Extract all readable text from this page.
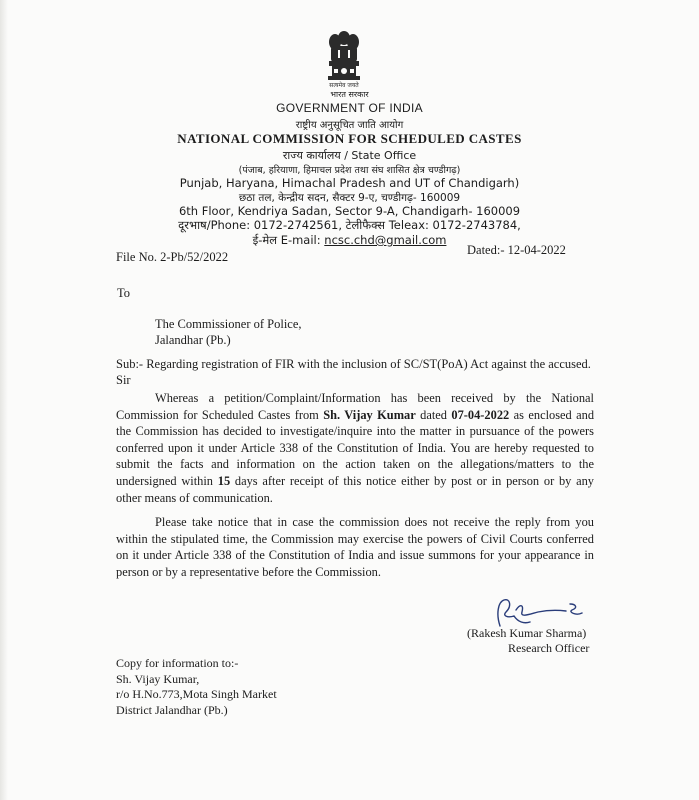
सत्यमेव जयते
भारत सरकार
GOVERNMENT OF INDIA
राष्ट्रीय अनुसूचित जाति आयोग
NATIONAL COMMISSION FOR SCHEDULED CASTES
राज्य कार्यालय / State Office
(पंजाब, हरियाणा, हिमाचल प्रदेश तथा संघ शासित क्षेत्र चण्डीगढ़)
Punjab, Haryana, Himachal Pradesh and UT of Chandigarh)
छठा तल, केन्द्रीय सदन, सैक्टर 9-ए, चण्डीगढ़- 160009
6th Floor, Kendriya Sadan, Sector 9-A, Chandigarh- 160009
दूरभाष/Phone: 0172-2742561, टेलीफैक्स Teleax: 0172-2743784,
ई-मेल E-mail: ncsc.chd@gmail.com
File No. 2-Pb/52/2022	Dated:- 12-04-2022
To
The Commissioner of Police,
Jalandhar (Pb.)
Sub:- Regarding registration of FIR with the inclusion of SC/ST(PoA) Act against the accused.
Sir

Whereas a petition/Complaint/Information has been received by the National Commission for Scheduled Castes from Sh. Vijay Kumar dated 07-04-2022 as enclosed and the Commission has decided to investigate/inquire into the matter in pursuance of the powers conferred upon it under Article 338 of the Constitution of India. You are hereby requested to submit the facts and information on the action taken on the allegations/matters to the undersigned within 15 days after receipt of this notice either by post or in person or by any other means of communication.

Please take notice that in case the commission does not receive the reply from you within the stipulated time, the Commission may exercise the powers of Civil Courts conferred on it under Article 338 of the Constitution of India and issue summons for your appearance in person or by a representative before the Commission.

(Rakesh Kumar Sharma)
Research Officer
Copy for information to:-
Sh. Vijay Kumar,
r/o H.No.773,Mota Singh Market
District Jalandhar (Pb.)
